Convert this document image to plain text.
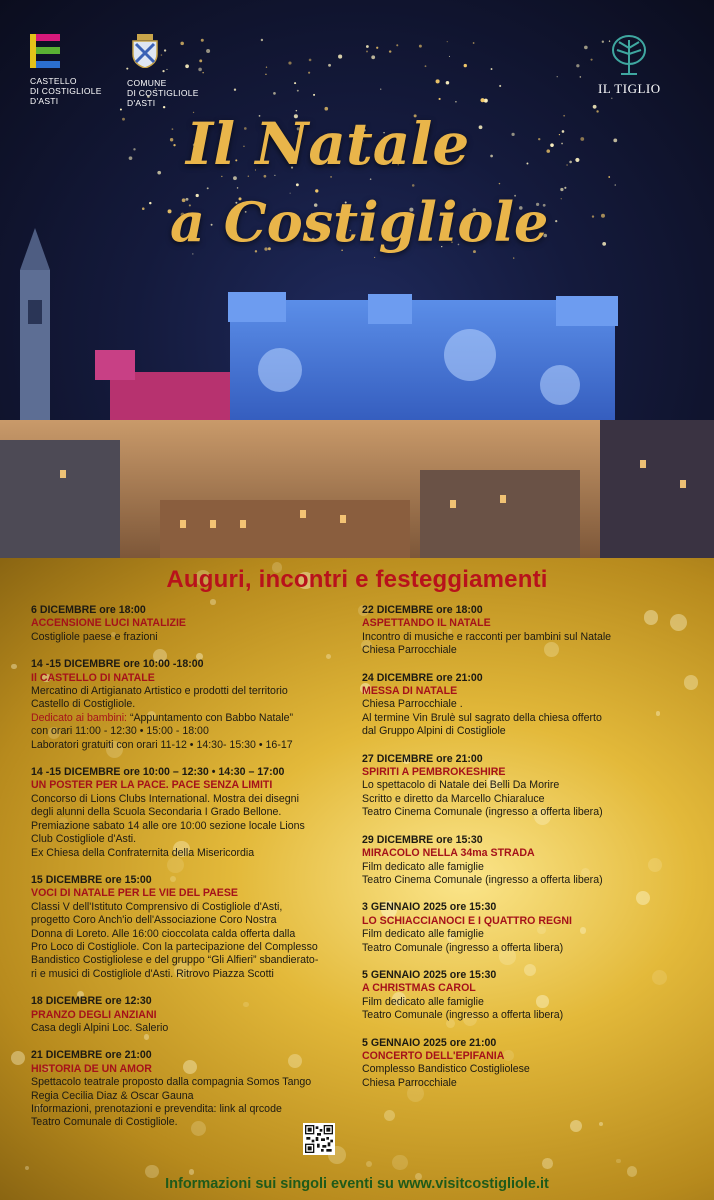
CASTELLO
DI COSTIGLIOLE
D'ASTI
COMUNE
DI COSTIGLIOLE
D'ASTI
IL TIGLIO
Il Natale
a Costigliole
Auguri, incontri e festeggiamenti
6 DICEMBRE ore 18:00
ACCENSIONE LUCI NATALIZIE
Costigliole paese e frazioni
14 -15 DICEMBRE ore 10:00 -18:00
Il CASTELLO DI NATALE
Mercatino di Artigianato Artistico e prodotti del territorio
Castello di Costigliole.
Dedicato ai bambini: “Appuntamento con Babbo Natale”
con orari 11:00 - 12:30 • 15:00 - 18:00
Laboratori gratuiti con orari 11-12 • 14:30- 15:30 • 16-17
14 -15 DICEMBRE ore 10:00 – 12:30 • 14:30 – 17:00
UN POSTER PER LA PACE. PACE SENZA LIMITI
Concorso di Lions Clubs International. Mostra dei disegni
degli alunni della Scuola Secondaria I Grado Bellone.
Premiazione sabato 14 alle ore 10:00 sezione locale Lions
Club Costigliole d'Asti.
Ex Chiesa della Confraternita della Misericordia
15 DICEMBRE ore 15:00
VOCI DI NATALE PER LE VIE DEL PAESE
Classi V dell'Istituto Comprensivo di Costigliole d'Asti,
progetto Coro Anch'io dell'Associazione Coro Nostra
Donna di Loreto. Alle 16:00 cioccolata calda offerta dalla
Pro Loco di Costigliole. Con la partecipazione del Complesso
Bandistico Costigliolese e del gruppo “Gli Alfieri” sbandierato-
ri e musici di Costigliole d'Asti. Ritrovo Piazza Scotti
18 DICEMBRE ore 12:30
PRANZO DEGLI ANZIANI
Casa degli Alpini Loc. Salerio
21 DICEMBRE ore 21:00
HISTORIA DE UN AMOR
Spettacolo teatrale proposto dalla compagnia Somos Tango
Regia Cecilia Diaz & Oscar Gauna
Informazioni, prenotazioni e prevendita: link al qrcode
Teatro Comunale di Costigliole.
22 DICEMBRE ore 18:00
ASPETTANDO IL NATALE
Incontro di musiche e racconti per bambini sul Natale
Chiesa Parrocchiale
24 DICEMBRE ore 21:00
MESSA DI NATALE
Chiesa Parrocchiale .
Al termine Vin Brulè sul sagrato della chiesa offerto
dal Gruppo Alpini di Costigliole
27 DICEMBRE ore 21:00
SPIRITI A PEMBROKESHIRE
Lo spettacolo di Natale dei Belli Da Morire
Scritto e diretto da Marcello Chiaraluce
Teatro Cinema Comunale (ingresso a offerta libera)
29 DICEMBRE ore 15:30
MIRACOLO NELLA 34ma STRADA
Film dedicato alle famiglie
Teatro Cinema Comunale (ingresso a offerta libera)
3 GENNAIO 2025 ore 15:30
LO SCHIACCIANOCI E I QUATTRO REGNI
Film dedicato alle famiglie
Teatro Comunale (ingresso a offerta libera)
5 GENNAIO 2025 ore 15:30
A CHRISTMAS CAROL
Film dedicato alle famiglie
Teatro Comunale (ingresso a offerta libera)
5 GENNAIO 2025 ore 21:00
CONCERTO DELL'EPIFANIA
Complesso Bandistico Costigliolese
Chiesa Parrocchiale
Informazioni sui singoli eventi su www.visitcostigliole.it
